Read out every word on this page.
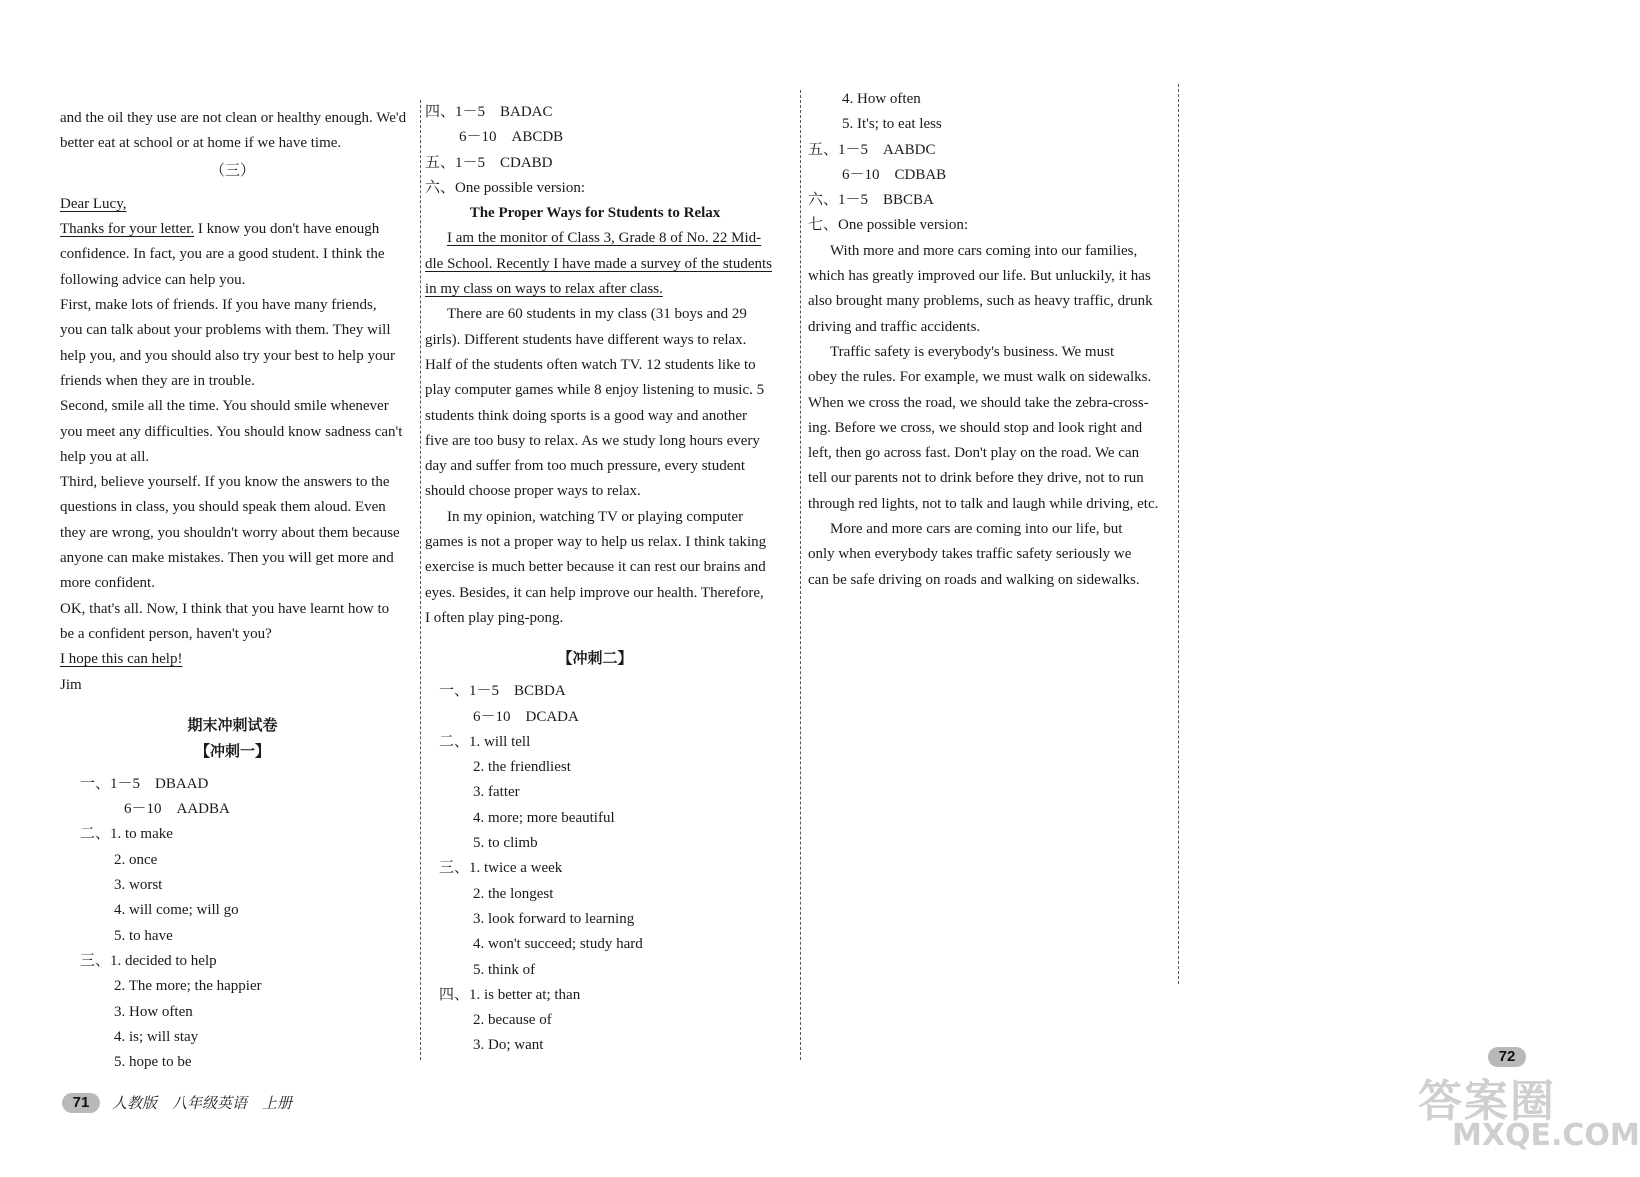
and the oil they use are not clean or healthy enough. We'd
better eat at school or at home if we have time.
（三）
Dear Lucy,
Thanks for your letter. I know you don't have enough
confidence. In fact, you are a good student. I think the
following advice can help you.
First, make lots of friends. If you have many friends,
you can talk about your problems with them. They will
help you, and you should also try your best to help your
friends when they are in trouble.
Second, smile all the time. You should smile whenever
you meet any difficulties. You should know sadness can't
help you at all.
Third, believe yourself. If you know the answers to the
questions in class, you should speak them aloud. Even
they are wrong, you shouldn't worry about them because
anyone can make mistakes. Then you will get more and
more confident.
OK, that's all. Now, I think that you have learnt how to
be a confident person, haven't you?
I hope this can help!
Jim
期末冲刺试卷
【冲刺一】
一、1－5　DBAAD
6－10　AADBA
二、1. to make
2. once
3. worst
4. will come; will go
5. to have
三、1. decided to help
2. The more; the happier
3. How often
4. is; will stay
5. hope to be
四、1－5　BADAC
6－10　ABCDB
五、1－5　CDABD
六、One possible version:
The Proper Ways for Students to Relax
I am the monitor of Class 3, Grade 8 of No. 22 Mid-
dle School. Recently I have made a survey of the students
in my class on ways to relax after class.
There are 60 students in my class (31 boys and 29
girls). Different students have different ways to relax.
Half of the students often watch TV. 12 students like to
play computer games while 8 enjoy listening to music. 5
students think doing sports is a good way and another
five are too busy to relax. As we study long hours every
day and suffer from too much pressure, every student
should choose proper ways to relax.
In my opinion, watching TV or playing computer
games is not a proper way to help us relax. I think taking
exercise is much better because it can rest our brains and
eyes. Besides, it can help improve our health. Therefore,
I often play ping-pong.
【冲刺二】
一、1－5　BCBDA
6－10　DCADA
二、1. will tell
2. the friendliest
3. fatter
4. more; more beautiful
5. to climb
三、1. twice a week
2. the longest
3. look forward to learning
4. won't succeed; study hard
5. think of
四、1. is better at; than
2. because of
3. Do; want
4. How often
5. It's; to eat less
五、1－5　AABDC
6－10　CDBAB
六、1－5　BBCBA
七、One possible version:
With more and more cars coming into our families,
which has greatly improved our life. But unluckily, it has
also brought many problems, such as heavy traffic, drunk
driving and traffic accidents.
Traffic safety is everybody's business. We must
obey the rules. For example, we must walk on sidewalks.
When we cross the road, we should take the zebra-cross-
ing. Before we cross, we should stop and look right and
left, then go across fast. Don't play on the road. We can
tell our parents not to drink before they drive, not to run
through red lights, not to talk and laugh while driving, etc.
More and more cars are coming into our life, but
only when everybody takes traffic safety seriously we
can be safe driving on roads and walking on sidewalks.
71	人教版　八年级英语　上册
72
答案圈
MXQE.COM
